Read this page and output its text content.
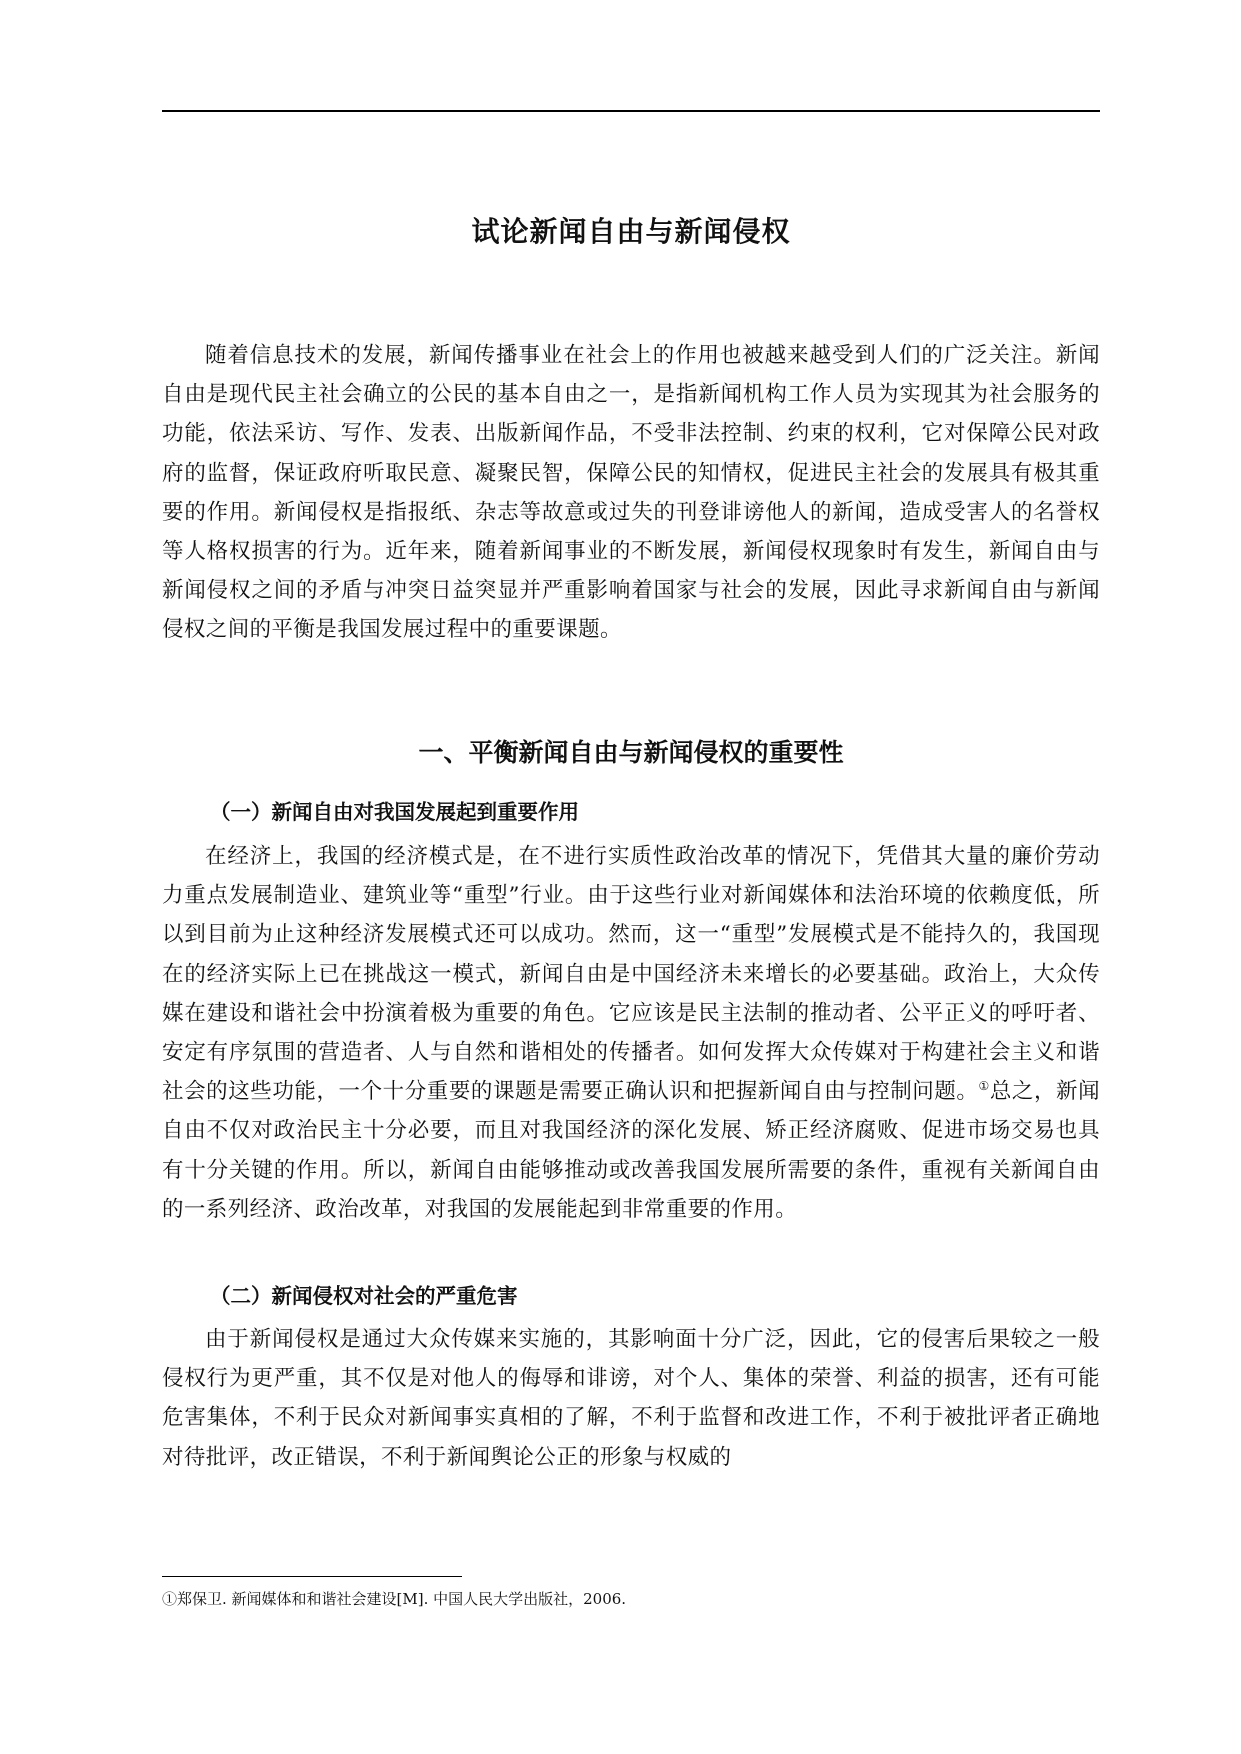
试论新闻自由与新闻侵权

随着信息技术的发展，新闻传播事业在社会上的作用也被越来越受到人们的广泛关注。新闻自由是现代民主社会确立的公民的基本自由之一，是指新闻机构工作人员为实现其为社会服务的功能，依法采访、写作、发表、出版新闻作品，不受非法控制、约束的权利，它对保障公民对政府的监督，保证政府听取民意、凝聚民智，保障公民的知情权，促进民主社会的发展具有极其重要的作用。新闻侵权是指报纸、杂志等故意或过失的刊登诽谤他人的新闻，造成受害人的名誉权等人格权损害的行为。近年来，随着新闻事业的不断发展，新闻侵权现象时有发生，新闻自由与新闻侵权之间的矛盾与冲突日益突显并严重影响着国家与社会的发展，因此寻求新闻自由与新闻侵权之间的平衡是我国发展过程中的重要课题。

一、平衡新闻自由与新闻侵权的重要性
（一）新闻自由对我国发展起到重要作用

在经济上，我国的经济模式是，在不进行实质性政治改革的情况下，凭借其大量的廉价劳动力重点发展制造业、建筑业等“重型”行业。由于这些行业对新闻媒体和法治环境的依赖度低，所以到目前为止这种经济发展模式还可以成功。然而，这一“重型”发展模式是不能持久的，我国现在的经济实际上已在挑战这一模式，新闻自由是中国经济未来增长的必要基础。政治上，大众传媒在建设和谐社会中扮演着极为重要的角色。它应该是民主法制的推动者、公平正义的呼吁者、安定有序氛围的营造者、人与自然和谐相处的传播者。如何发挥大众传媒对于构建社会主义和谐社会的这些功能，一个十分重要的课题是需要正确认识和把握新闻自由与控制问题。①总之，新闻自由不仅对政治民主十分必要，而且对我国经济的深化发展、矫正经济腐败、促进市场交易也具有十分关键的作用。所以，新闻自由能够推动或改善我国发展所需要的条件，重视有关新闻自由的一系列经济、政治改革，对我国的发展能起到非常重要的作用。

（二）新闻侵权对社会的严重危害

由于新闻侵权是通过大众传媒来实施的，其影响面十分广泛，因此，它的侵害后果较之一般侵权行为更严重，其不仅是对他人的侮辱和诽谤，对个人、集体的荣誉、利益的损害，还有可能危害集体，不利于民众对新闻事实真相的了解，不利于监督和改进工作，不利于被批评者正确地对待批评，改正错误，不利于新闻舆论公正的形象与权威的

①郑保卫. 新闻媒体和和谐社会建设[M]. 中国人民大学出版社，2006.
